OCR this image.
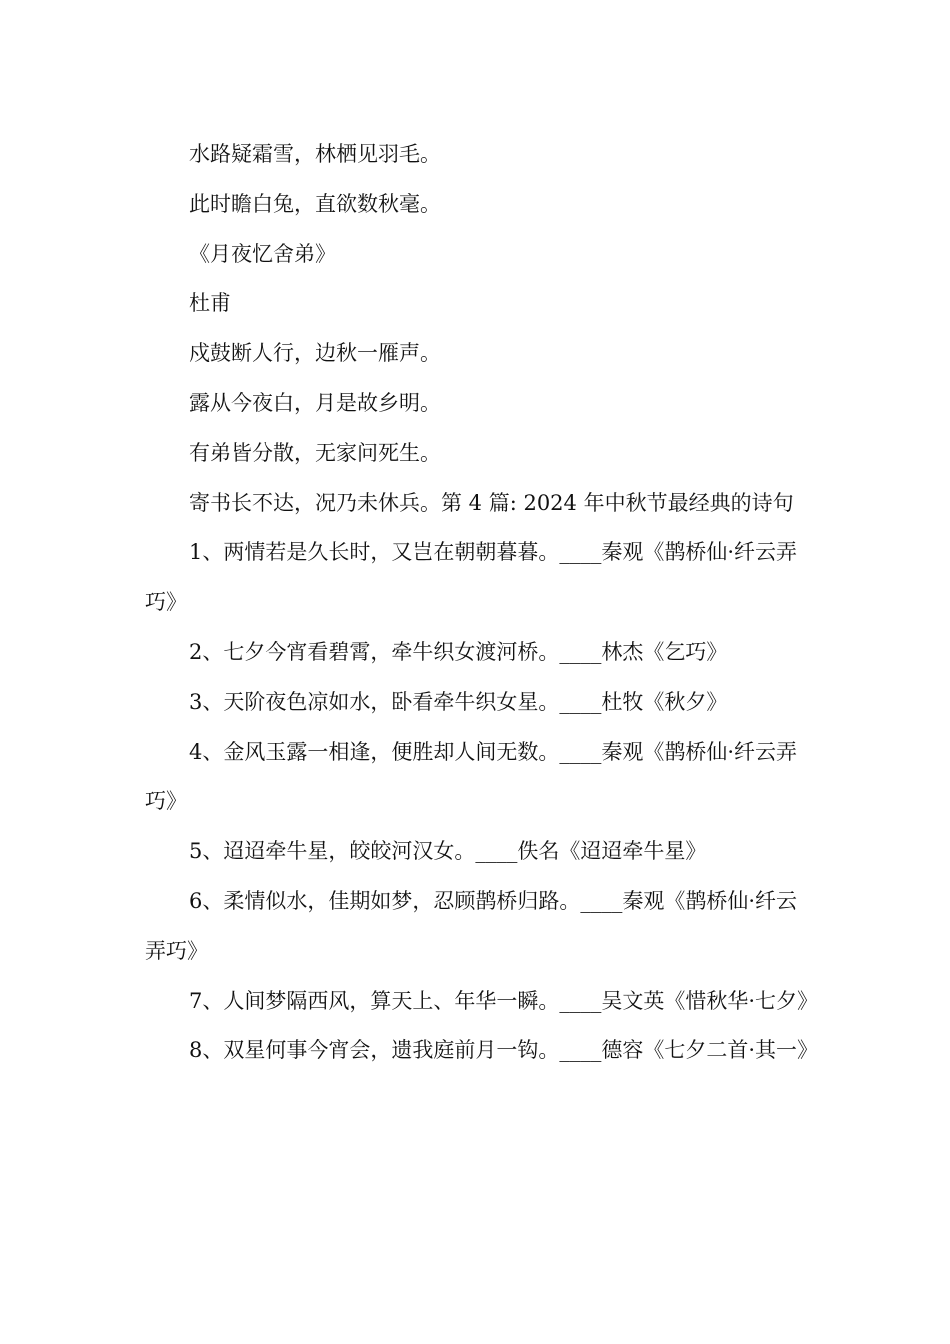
水路疑霜雪，林栖见羽毛。

此时瞻白兔，直欲数秋毫。

《月夜忆舍弟》

杜甫

戍鼓断人行，边秋一雁声。

露从今夜白，月是故乡明。

有弟皆分散，无家问死生。

寄书长不达，况乃未休兵。第 4 篇: 2024 年中秋节最经典的诗句

1、两情若是久长时，又岂在朝朝暮暮。____秦观《鹊桥仙·纤云弄巧》

2、七夕今宵看碧霄，牵牛织女渡河桥。____林杰《乞巧》

3、天阶夜色凉如水，卧看牵牛织女星。____杜牧《秋夕》

4、金风玉露一相逢，便胜却人间无数。____秦观《鹊桥仙·纤云弄巧》

5、迢迢牵牛星，皎皎河汉女。____佚名《迢迢牵牛星》

6、柔情似水，佳期如梦，忍顾鹊桥归路。____秦观《鹊桥仙·纤云弄巧》

7、人间梦隔西风，算天上、年华一瞬。____吴文英《惜秋华·七夕》

8、双星何事今宵会，遗我庭前月一钩。____德容《七夕二首·其一》
